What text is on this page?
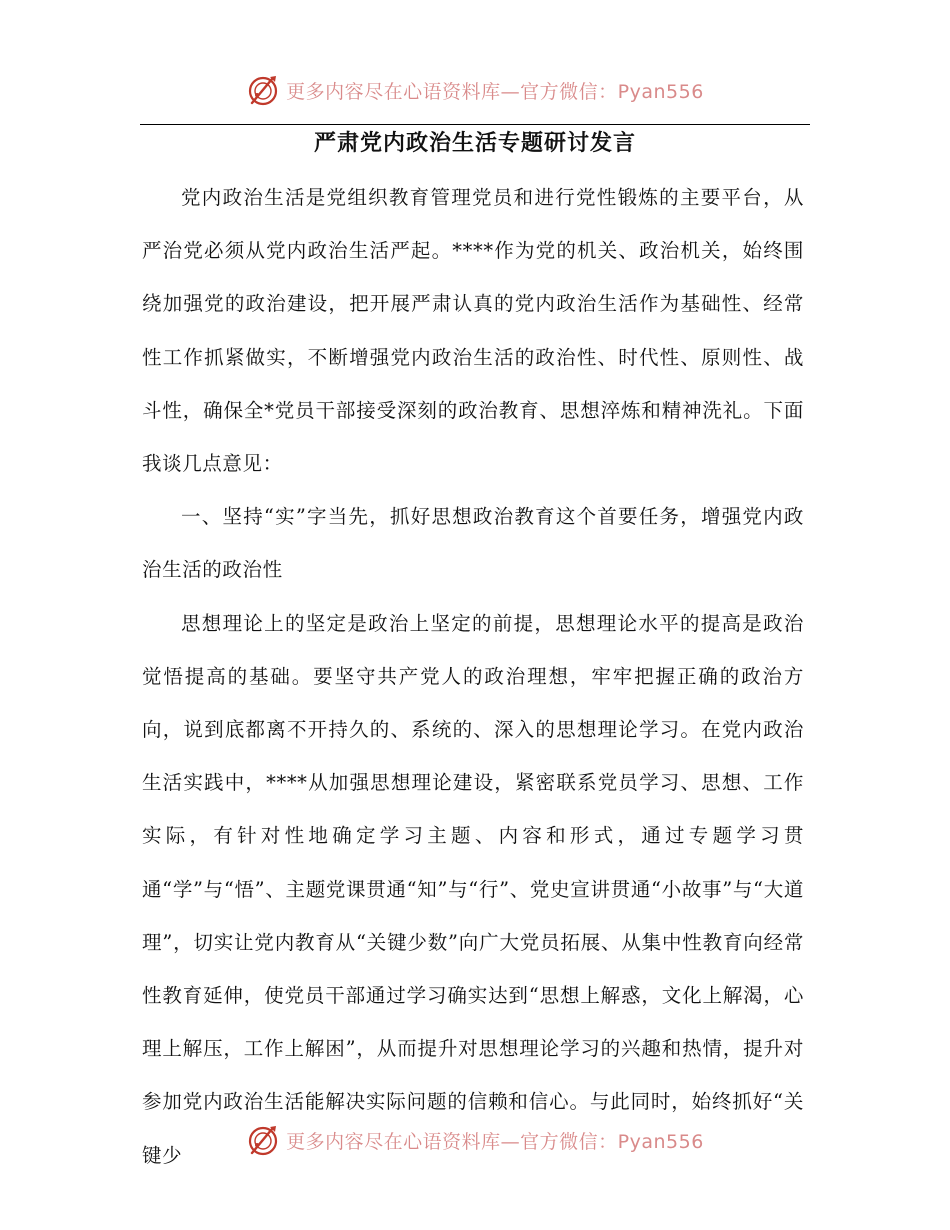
更多内容尽在心语资料库—官方微信：Pyan556
严肃党内政治生活专题研讨发言

党内政治生活是党组织教育管理党员和进行党性锻炼的主要平台，从严治党必须从党内政治生活严起。****作为党的机关、政治机关，始终围绕加强党的政治建设，把开展严肃认真的党内政治生活作为基础性、经常性工作抓紧做实，不断增强党内政治生活的政治性、时代性、原则性、战斗性，确保全*党员干部接受深刻的政治教育、思想淬炼和精神洗礼。下面我谈几点意见：

一、坚持“实”字当先，抓好思想政治教育这个首要任务，增强党内政治生活的政治性

思想理论上的坚定是政治上坚定的前提，思想理论水平的提高是政治觉悟提高的基础。要坚守共产党人的政治理想，牢牢把握正确的政治方向，说到底都离不开持久的、系统的、深入的思想理论学习。在党内政治生活实践中，****从加强思想理论建设，紧密联系党员学习、思想、工作实际，有针对性地确定学习主题、内容和形式，通过专题学习贯通“学”与“悟”、主题党课贯通“知”与“行”、党史宣讲贯通“小故事”与“大道理”，切实让党内教育从“关键少数”向广大党员拓展、从集中性教育向经常性教育延伸，使党员干部通过学习确实达到“思想上解惑，文化上解渴，心理上解压，工作上解困”，从而提升对思想理论学习的兴趣和热情，提升对参加党内政治生活能解决实际问题的信赖和信心。与此同时，始终抓好“关键少

更多内容尽在心语资料库—官方微信：Pyan556
